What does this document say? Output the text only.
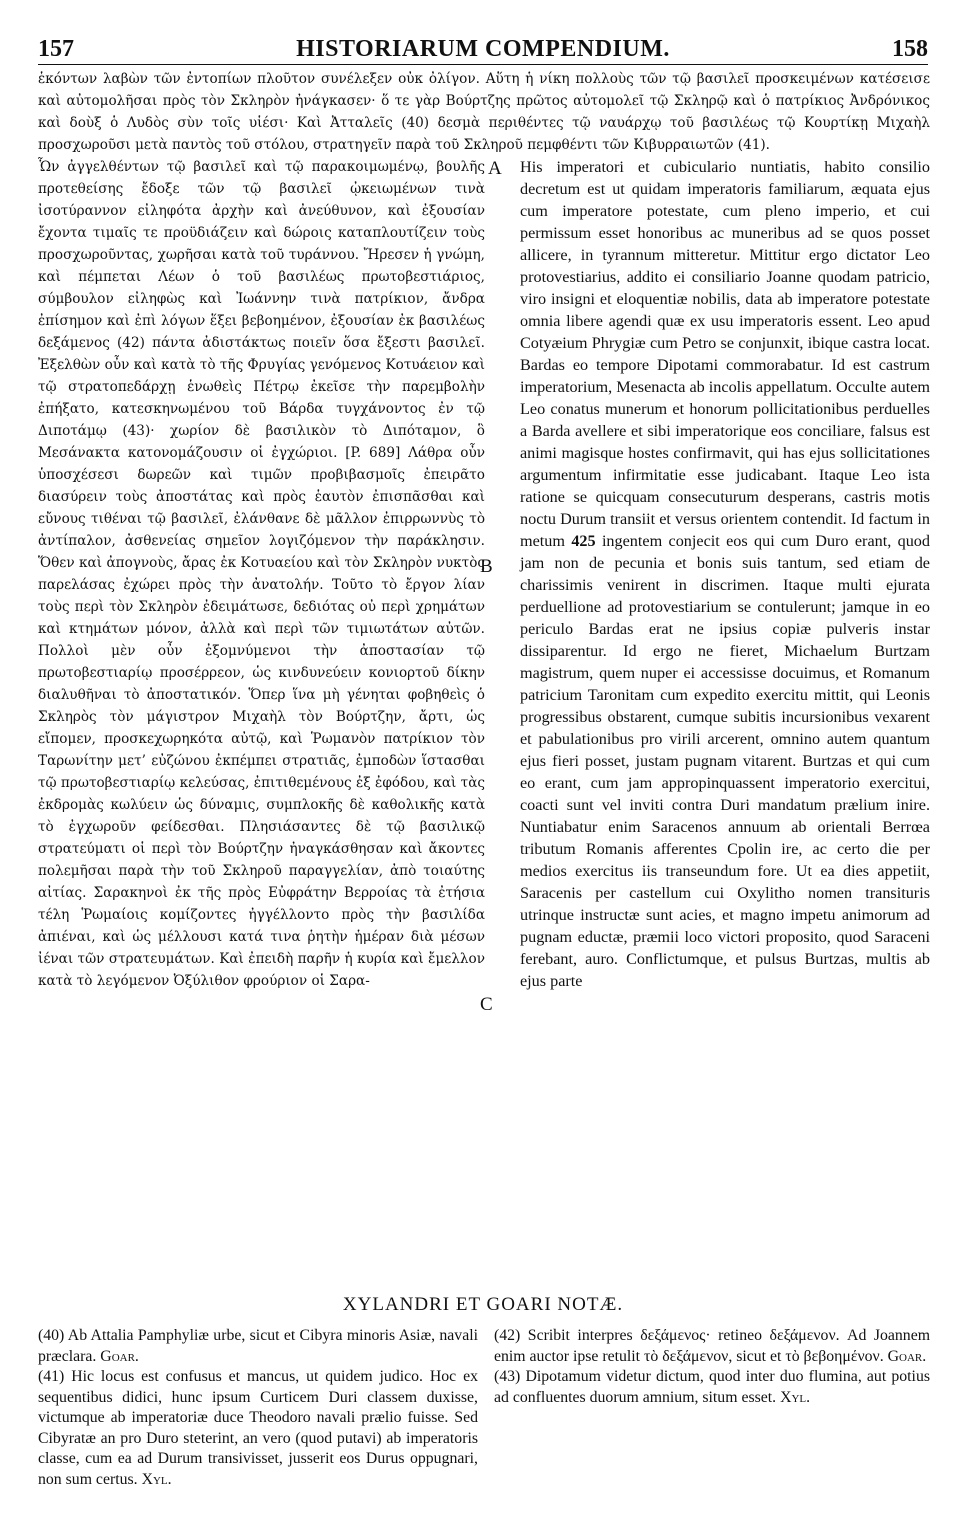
157	HISTORIARUM COMPENDIUM.	158

ἑκόντων λαβὼν τῶν ἐντοπίων πλοῦτον συνέλεξεν οὐκ ὀλίγον. Αὕτη ἡ νίκη πολλοὺς τῶν τῷ βασιλεῖ προσκειμένων κατέσεισε καὶ αὐτομολῆσαι πρὸς τὸν Σκληρὸν ἠνάγκασεν· ὅ τε γὰρ Βούρτζης πρῶτος αὐτομολεῖ τῷ Σκληρῷ καὶ ὁ πατρίκιος Ἀνδρόνικος καὶ δοὺξ ὁ Λυδὸς σὺν τοῖς υἱέσι· Καὶ Ἀτταλεῖς (40) δεσμὰ περιθέντες τῷ ναυάρχῳ τοῦ βασιλέως τῷ Κουρτίκῃ Μιχαὴλ προσχωροῦσι μετὰ παντὸς τοῦ στόλου, στρατηγεῖν παρὰ τοῦ Σκληροῦ πεμφθέντι τῶν Κιβυρραιωτῶν (41).

Ὧν ἀγγελθέντων τῷ βασιλεῖ καὶ τῷ παρακοιμωμένῳ, βουλῆς προτεθείσης ἔδοξε τῶν τῷ βασιλεῖ ᾠκειωμένων τινὰ ἰσοτύραννον εἰληφότα ἀρχὴν καὶ ἀνεύθυνον, καὶ ἐξουσίαν ἔχοντα τιμαῖς τε προϋδιάζειν καὶ δώροις καταπλουτίζειν τοὺς προσχωροῦντας, χωρῆσαι κατὰ τοῦ τυράννου. Ἤρεσεν ἡ γνώμη, καὶ πέμπεται Λέων ὁ τοῦ βασιλέως πρωτοβεστιάριος, σύμβουλον εἰληφὼς καὶ Ἰωάννην τινὰ πατρίκιον, ἄνδρα ἐπίσημον καὶ ἐπὶ λόγων ἕξει βεβοημένον, ἐξουσίαν ἐκ βασιλέως δεξάμενος (42) πάντα ἀδιστάκτως ποιεῖν ὅσα ἔξεστι βασιλεῖ. Ἐξελθὼν οὖν καὶ κατὰ τὸ τῆς Φρυγίας γενόμενος Κοτυάειον καὶ τῷ στρατοπεδάρχῃ ἑνωθεὶς Πέτρῳ ἐκεῖσε τὴν παρεμβολὴν ἐπήξατο, κατεσκηνωμένου τοῦ Βάρδα τυγχάνοντος ἐν τῷ Διποτάμῳ (43)· χωρίον δὲ βασιλικὸν τὸ Διπόταμον, ὃ Μεσάνακτα κατονομάζουσιν οἱ ἐγχώριοι. [P. 689] Λάθρα οὖν ὑποσχέσεσι δωρεῶν καὶ τιμῶν προβιβασμοῖς ἐπειρᾶτο διασύρειν τοὺς ἀποστάτας καὶ πρὸς ἑαυτὸν ἐπισπᾶσθαι καὶ εὔνους τιθέναι τῷ βασιλεῖ, ἐλάνθανε δὲ μᾶλλον ἐπιρρωννὺς τὸ ἀντίπαλον, ἀσθενείας σημεῖον λογιζόμενον τὴν παράκλησιν. Ὅθεν καὶ ἀπογνοὺς, ἄρας ἐκ Κοτυαείου καὶ τὸν Σκληρὸν νυκτὸς παρελάσας ἐχώρει πρὸς τὴν ἀνατολήν. Τοῦτο τὸ ἔργον λίαν τοὺς περὶ τὸν Σκληρὸν ἐδειμάτωσε, δεδιότας οὐ περὶ χρημάτων καὶ κτημάτων μόνον, ἀλλὰ καὶ περὶ τῶν τιμιωτάτων αὐτῶν. Πολλοὶ μὲν οὖν ἐξομνύμενοι τὴν ἀποστασίαν τῷ πρωτοβεστιαρίῳ προσέρρεον, ὡς κινδυνεύειν κονιορτοῦ δίκην διαλυθῆναι τὸ ἀποστατικόν. Ὅπερ ἵνα μὴ γένηται φοβηθεὶς ὁ Σκληρὸς τὸν μάγιστρον Μιχαὴλ τὸν Βούρτζην, ἄρτι, ὡς εἴπομεν, προσκεχωρηκότα αὐτῷ, καὶ Ῥωμανὸν πατρίκιον τὸν Ταρωνίτην μετ’ εὐζώνου ἐκπέμπει στρατιᾶς, ἐμποδὼν ἵστασθαι τῷ πρωτοβεστιαρίῳ κελεύσας, ἐπιτιθεμένους ἐξ ἐφόδου, καὶ τὰς ἐκδρομὰς κωλύειν ὡς δύναμις, συμπλοκῆς δὲ καθολικῆς κατὰ τὸ ἐγχωροῦν φείδεσθαι. Πλησιάσαντες δὲ τῷ βασιλικῷ στρατεύματι οἱ περὶ τὸν Βούρτζην ἠναγκάσθησαν καὶ ἄκοντες πολεμῆσαι παρὰ τὴν τοῦ Σκληροῦ παραγγελίαν, ἀπὸ τοιαύτης αἰτίας. Σαρακηνοὶ ἐκ τῆς πρὸς Εὐφράτην Βερροίας τὰ ἐτήσια τέλη Ῥωμαίοις κομίζοντες ἠγγέλλοντο πρὸς τὴν βασιλίδα ἀπιέναι, καὶ ὡς μέλλουσι κατά τινα ῥητὴν ἡμέραν διὰ μέσων ἰέναι τῶν στρατευμάτων. Καὶ ἐπειδὴ παρῆν ἡ κυρία καὶ ἔμελλον κατὰ τὸ λεγόμενον Ὀξύλιθον φρούριον οἱ Σαρα-

A
B
C

His imperatori et cubiculario nuntiatis, habito consilio decretum est ut quidam imperatoris familiarum, æquata ejus cum imperatore potestate, cum pleno imperio, et cui permissum esset honoribus ac muneribus ad se quos posset allicere, in tyrannum mitteretur. Mittitur ergo dictator Leo protovestiarius, addito ei consiliario Joanne quodam patricio, viro insigni et eloquentiæ nobilis, data ab imperatore potestate omnia libere agendi quæ ex usu imperatoris essent. Leo apud Cotyæium Phrygiæ cum Petro se conjunxit, ibique castra locat. Bardas eo tempore Dipotami commorabatur. Id est castrum imperatorium, Mesenacta ab incolis appellatum. Occulte autem Leo conatus munerum et honorum pollicitationibus perduelles a Barda avellere et sibi imperatorique eos conciliare, falsus est animi magisque hostes confirmavit, qui has ejus sollicitationes argumentum infirmitatie esse judicabant. Itaque Leo ista ratione se quicquam consecuturum desperans, castris motis noctu Durum transiit et versus orientem contendit. Id factum in metum 425 ingentem conjecit eos qui cum Duro erant, quod jam non de pecunia et bonis suis tantum, sed etiam de charissimis venirent in discrimen. Itaque multi ejurata perduellione ad protovestiarium se contulerunt; jamque in eo periculo Bardas erat ne ipsius copiæ pulveris instar dissiparentur. Id ergo ne fieret, Michaelum Burtzam magistrum, quem nuper ei accessisse docuimus, et Romanum patricium Taronitam cum expedito exercitu mittit, qui Leonis progressibus obstarent, cumque subitis incursionibus vexarent et pabulationibus pro virili arcerent, omnino autem quantum ejus fieri posset, justam pugnam vitarent. Burtzas et qui cum eo erant, cum jam appropinquassent imperatorio exercitui, coacti sunt vel inviti contra Duri mandatum prælium inire. Nuntiabatur enim Saracenos annuum ab orientali Berrœa tributum Romanis afferentes Cpolin ire, ac certo die per medios exercitus iis transeundum fore. Ut ea dies appetiit, Saracenis per castellum cui Oxylitho nomen transituris utrinque instructæ sunt acies, et magno impetu animorum ad pugnam eductæ, præmii loco victori proposito, quod Saraceni ferebant, auro. Conflictumque, et pulsus Burtzas, multis ab ejus parte

XYLANDRI ET GOARI NOTÆ.

(40) Ab Attalia Pamphyliæ urbe, sicut et Cibyra minoris Asiæ, navali præclara. Goar.

(41) Hic locus est confusus et mancus, ut quidem judico. Hoc ex sequentibus didici, hunc ipsum Curticem Duri classem duxisse, victumque ab imperatoriæ duce Theodoro navali prælio fuisse. Sed Cibyratæ an pro Duro steterint, an vero (quod putavi) ab imperatoris classe, cum ea ad Durum transivisset, jusserit eos Durus oppugnari, non sum certus. Xyl.

(42) Scribit interpres δεξάμενος· retineo δεξάμενον. Ad Joannem enim auctor ipse retulit τὸ δεξάμενον, sicut et τὸ βεβοημένον. Goar.

(43) Dipotamum videtur dictum, quod inter duo flumina, aut potius ad confluentes duorum amnium, situm esset. Xyl.
